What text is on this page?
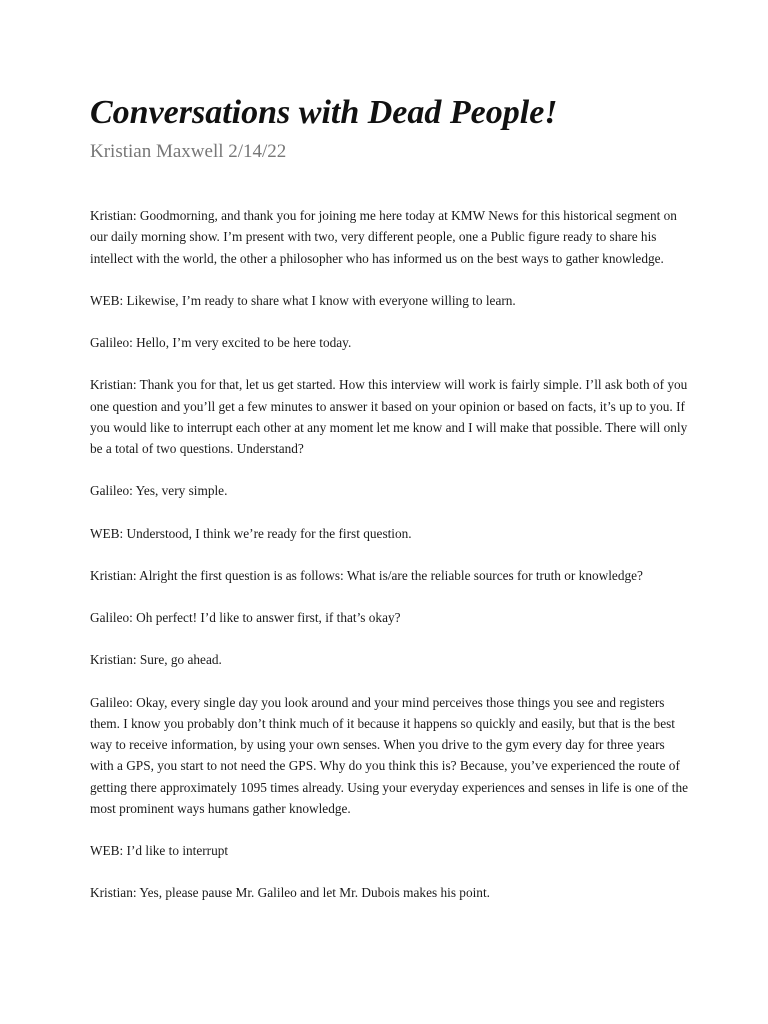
Conversations with Dead People!
Kristian Maxwell 2/14/22

Kristian: Goodmorning, and thank you for joining me here today at KMW News for this historical segment on our daily morning show. I’m present with two, very different people, one a Public figure ready to share his intellect with the world, the other a philosopher who has informed us on the best ways to gather knowledge.

WEB: Likewise, I’m ready to share what I know with everyone willing to learn.

Galileo: Hello, I’m very excited to be here today.

Kristian: Thank you for that, let us get started. How this interview will work is fairly simple. I’ll ask both of you one question and you’ll get a few minutes to answer it based on your opinion or based on facts, it’s up to you. If you would like to interrupt each other at any moment let me know and I will make that possible. There will only be a total of two questions. Understand?

Galileo: Yes, very simple.

WEB: Understood, I think we’re ready for the first question.

Kristian: Alright the first question is as follows: What is/are the reliable sources for truth or knowledge?

Galileo: Oh perfect! I’d like to answer first, if that’s okay?

Kristian: Sure, go ahead.

Galileo: Okay, every single day you look around and your mind perceives those things you see and registers them. I know you probably don’t think much of it because it happens so quickly and easily, but that is the best way to receive information, by using your own senses. When you drive to the gym every day for three years with a GPS, you start to not need the GPS. Why do you think this is? Because, you’ve experienced the route of getting there approximately 1095 times already. Using your everyday experiences and senses in life is one of the most prominent ways humans gather knowledge.

WEB: I’d like to interrupt

Kristian: Yes, please pause Mr. Galileo and let Mr. Dubois makes his point.
